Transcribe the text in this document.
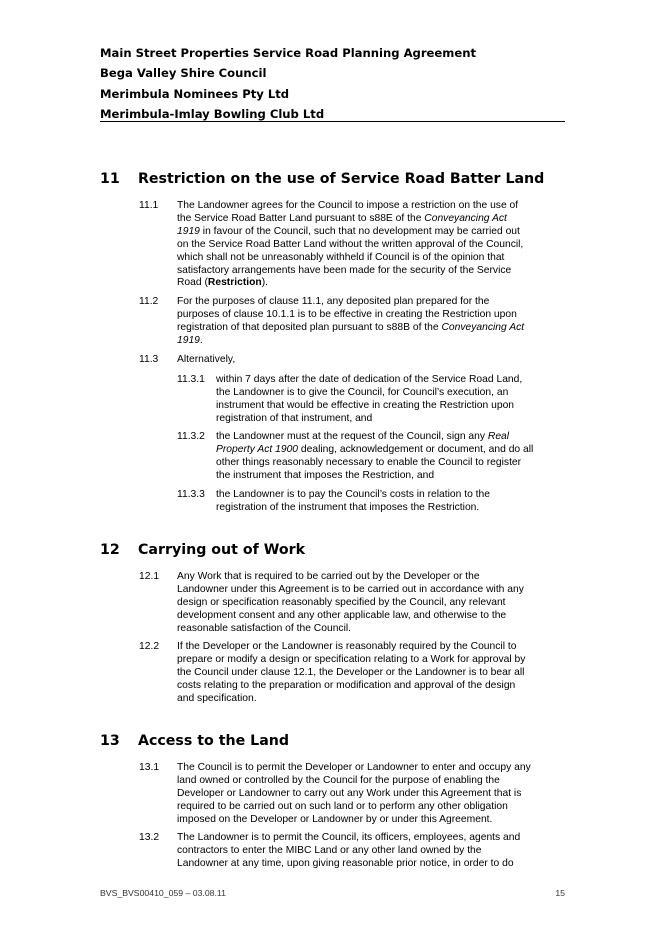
Main Street Properties Service Road Planning Agreement
Bega Valley Shire Council
Merimbula Nominees Pty Ltd
Merimbula-Imlay Bowling Club Ltd
11 Restriction on the use of Service Road Batter Land
11.1 The Landowner agrees for the Council to impose a restriction on the use of
the Service Road Batter Land pursuant to s88E of the Conveyancing Act
1919 in favour of the Council, such that no development may be carried out
on the Service Road Batter Land without the written approval of the Council,
which shall not be unreasonably withheld if Council is of the opinion that
satisfactory arrangements have been made for the security of the Service
Road (Restriction).
11.2 For the purposes of clause 11.1, any deposited plan prepared for the
purposes of clause 10.1.1 is to be effective in creating the Restriction upon
registration of that deposited plan pursuant to s88B of the Conveyancing Act
1919.
11.3 Alternatively,
11.3.1 within 7 days after the date of dedication of the Service Road Land,
the Landowner is to give the Council, for Council’s execution, an
instrument that would be effective in creating the Restriction upon
registration of that instrument, and
11.3.2 the Landowner must at the request of the Council, sign any Real
Property Act 1900 dealing, acknowledgement or document, and do all
other things reasonably necessary to enable the Council to register
the instrument that imposes the Restriction, and
11.3.3 the Landowner is to pay the Council’s costs in relation to the
registration of the instrument that imposes the Restriction.
12 Carrying out of Work
12.1 Any Work that is required to be carried out by the Developer or the
Landowner under this Agreement is to be carried out in accordance with any
design or specification reasonably specified by the Council, any relevant
development consent and any other applicable law, and otherwise to the
reasonable satisfaction of the Council.
12.2 If the Developer or the Landowner is reasonably required by the Council to
prepare or modify a design or specification relating to a Work for approval by
the Council under clause 12.1, the Developer or the Landowner is to bear all
costs relating to the preparation or modification and approval of the design
and specification.
13 Access to the Land
13.1 The Council is to permit the Developer or Landowner to enter and occupy any
land owned or controlled by the Council for the purpose of enabling the
Developer or Landowner to carry out any Work under this Agreement that is
required to be carried out on such land or to perform any other obligation
imposed on the Developer or Landowner by or under this Agreement.
13.2 The Landowner is to permit the Council, its officers, employees, agents and
contractors to enter the MIBC Land or any other land owned by the
Landowner at any time, upon giving reasonable prior notice, in order to do
BVS_BVS00410_059 – 03.08.11	15
